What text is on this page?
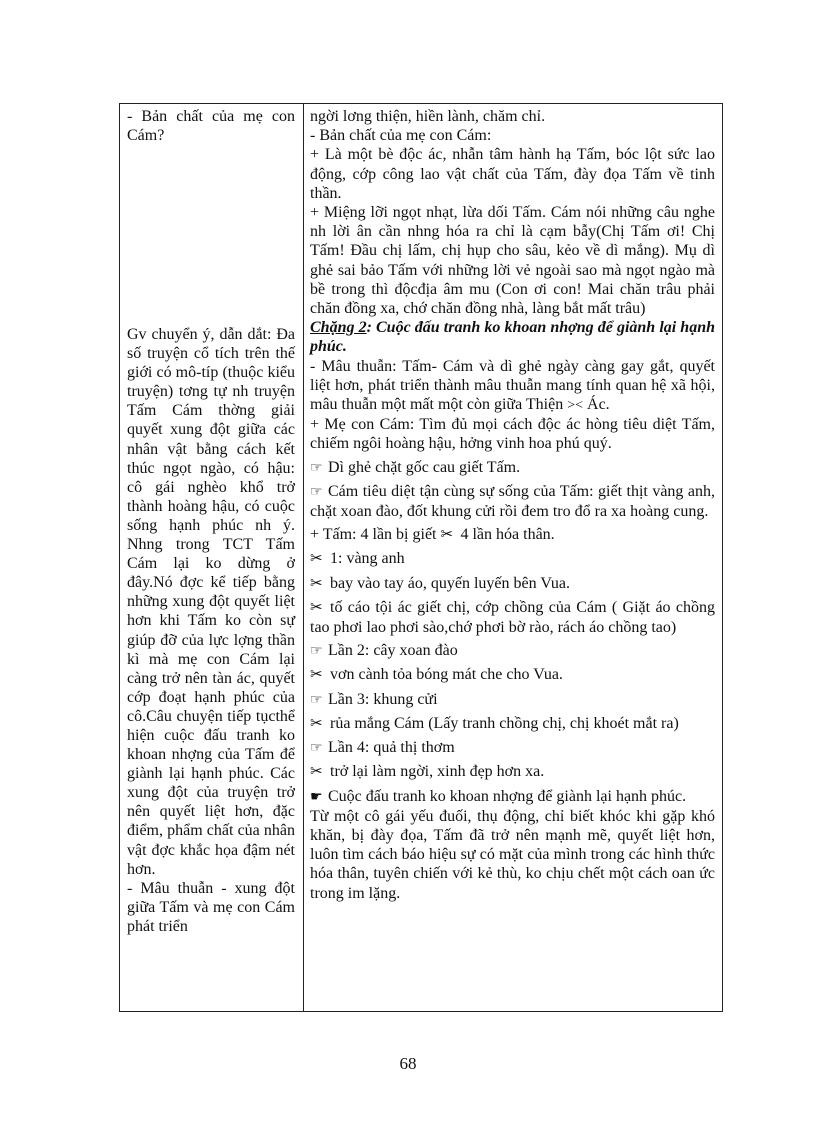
- Bản chất của mẹ con Cám?

Gv chuyển ý, dẫn dắt: Đa số truyện cổ tích trên thế giới có mô-típ (thuộc kiểu truyện) tơng tự nh truyện Tấm Cám thờng giải quyết xung đột giữa các nhân vật bằng cách kết thúc ngọt ngào, có hậu: cô gái nghèo khổ trở thành hoàng hậu, có cuộc sống hạnh phúc nh ý. Nhng trong TCT Tấm Cám lại ko dừng ở đây.Nó đợc kể tiếp bằng những xung đột quyết liệt hơn khi Tấm ko còn sự giúp đỡ của lực lợng thần kì mà mẹ con Cám lại càng trở nên tàn ác, quyết cớp đoạt hạnh phúc của cô.Câu chuyện tiếp tụcthể hiện cuộc đấu tranh ko khoan nhợng của Tấm để giành lại hạnh phúc. Các xung đột của truyện trở nên quyết liệt hơn, đặc điểm, phẩm chất của nhân vật đợc khắc họa đậm nét hơn.

- Mâu thuẫn - xung đột giữa Tấm và mẹ con Cám phát triển

ngời lơng thiện, hiền lành, chăm chỉ.

- Bản chất của mẹ con Cám:

+ Là một bè độc ác, nhẫn tâm hành hạ Tấm, bóc lột sức lao động, cớp công lao vật chất của Tấm, đày đọa Tấm về tinh thần.

+ Miệng lỡi ngọt nhạt, lừa dối Tấm. Cám nói những câu nghe nh lời ân cần nhng hóa ra chỉ là cạm bẫy(Chị Tấm ơi! Chị Tấm! Đầu chị lấm, chị hụp cho sâu, kẻo về dì mắng). Mụ dì ghẻ sai bảo Tấm với những lời vẻ ngoài sao mà ngọt ngào mà bề trong thì độcđịa âm mu (Con ơi con! Mai chăn trâu phải chăn đồng xa, chớ chăn đồng nhà, làng bắt mất trâu)

Chặng 2: Cuộc đấu tranh ko khoan nhợng để giành lại hạnh phúc.

- Mâu thuẫn: Tấm- Cám và dì ghẻ ngày càng gay gắt, quyết liệt hơn, phát triển thành mâu thuẫn mang tính quan hệ xã hội, mâu thuẫn một mất một còn giữa Thiện >< Ác.

+ Mẹ con Cám: Tìm đủ mọi cách độc ác hòng tiêu diệt Tấm, chiếm ngôi hoàng hậu, hởng vinh hoa phú quý.

☞ Dì ghẻ chặt gốc cau giết Tấm.

☞ Cám tiêu diệt tận cùng sự sống của Tấm: giết thịt vàng anh, chặt xoan đào, đốt khung cửi rồi đem tro đổ ra xa hoàng cung.

+ Tấm: 4 lần bị giết ✂ 4 lần hóa thân.

✂ 1: vàng anh

✂ bay vào tay áo, quyến luyến bên Vua.

✂ tố cáo tội ác giết chị, cớp chồng của Cám ( Giặt áo chồng tao phơi lao phơi sào,chớ phơi bờ rào, rách áo chồng tao)

☞ Lần 2: cây xoan đào

✂ vơn cành tỏa bóng mát che cho Vua.

☞ Lần 3: khung cửi

✂ rủa mắng Cám (Lấy tranh chồng chị, chị khoét mắt ra)

☞ Lần 4: quả thị thơm

✂ trở lại làm ngời, xinh đẹp hơn xa.

☛ Cuộc đấu tranh ko khoan nhợng để giành lại hạnh phúc.

Từ một cô gái yếu đuối, thụ động, chỉ biết khóc khi gặp khó khăn, bị đày đọa, Tấm đã trở nên mạnh mẽ, quyết liệt hơn, luôn tìm cách báo hiệu sự có mặt của mình trong các hình thức hóa thân, tuyên chiến với kẻ thù, ko chịu chết một cách oan ức trong im lặng.

68
